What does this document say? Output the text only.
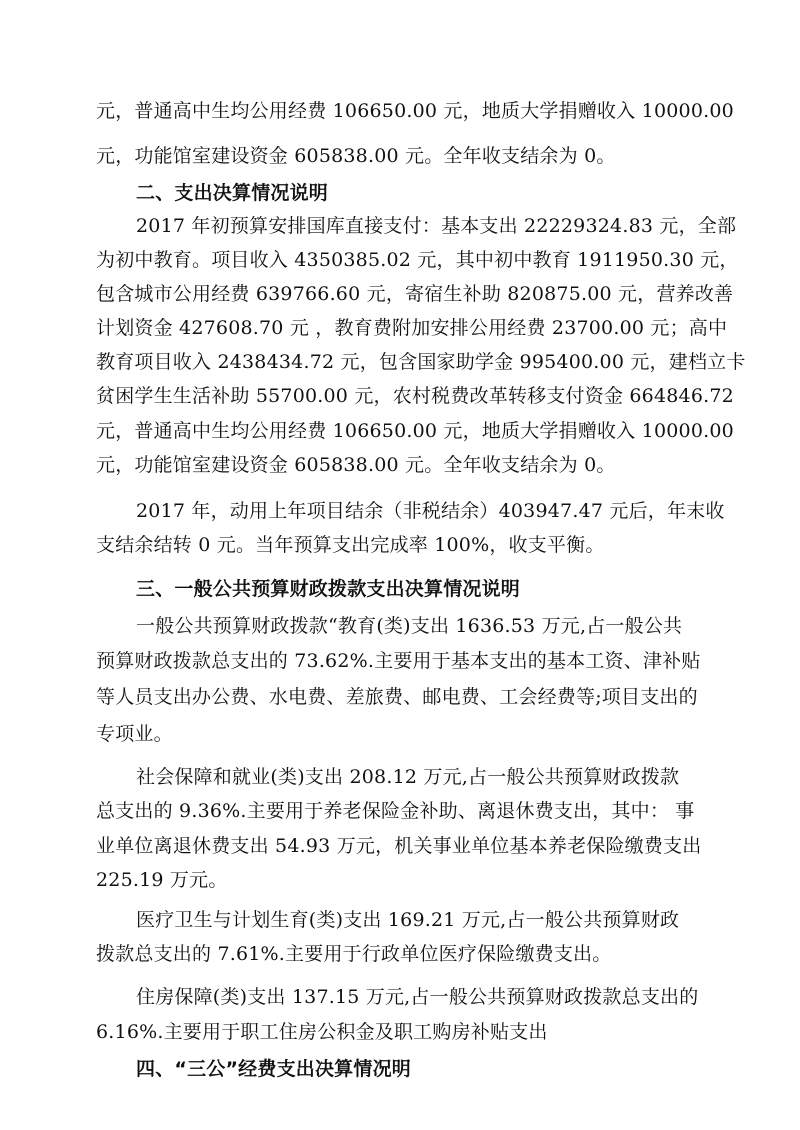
元，普通高中生均公用经费 106650.00 元，地质大学捐赠收入 10000.00
元，功能馆室建设资金 605838.00 元。全年收支结余为 0。
二、支出决算情况说明
2017 年初预算安排国库直接支付：基本支出 22229324.83 元，全部
为初中教育。项目收入 4350385.02 元，其中初中教育 1911950.30 元，
包含城市公用经费 639766.60 元，寄宿生补助 820875.00 元，营养改善
计划资金 427608.70 元 ，教育费附加安排公用经费 23700.00 元；高中
教育项目收入 2438434.72 元，包含国家助学金 995400.00 元，建档立卡
贫困学生生活补助 55700.00 元，农村税费改革转移支付资金 664846.72
元，普通高中生均公用经费 106650.00 元，地质大学捐赠收入 10000.00
元，功能馆室建设资金 605838.00 元。全年收支结余为 0。
2017 年，动用上年项目结余（非税结余）403947.47 元后，年末收
支结余结转 0 元。当年预算支出完成率 100%，收支平衡。
三、一般公共预算财政拨款支出决算情况说明
一般公共预算财政拨款“教育(类)支出 1636.53 万元,占一般公共
预算财政拨款总支出的 73.62%.主要用于基本支出的基本工资、津补贴
等人员支出办公费、水电费、差旅费、邮电费、工会经费等;项目支出的
专项业。
社会保障和就业(类)支出 208.12 万元,占一般公共预算财政拨款
总支出的 9.36%.主要用于养老保险金补助、离退休费支出，其中： 事
业单位离退休费支出 54.93 万元，机关事业单位基本养老保险缴费支出
225.19 万元。
医疗卫生与计划生育(类)支出 169.21 万元,占一般公共预算财政
拨款总支出的 7.61%.主要用于行政单位医疗保险缴费支出。
住房保障(类)支出 137.15 万元,占一般公共预算财政拨款总支出的
6.16%.主要用于职工住房公积金及职工购房补贴支出
四、“三公”经费支出决算情况明
